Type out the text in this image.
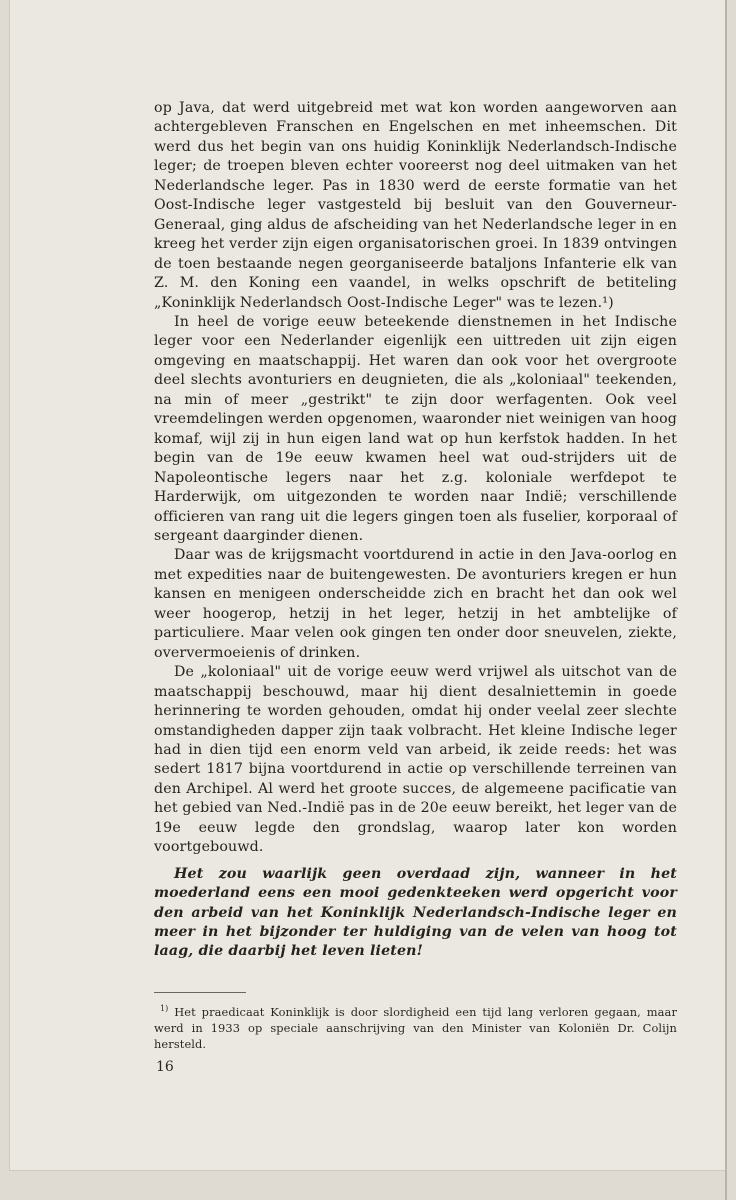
op Java, dat werd uitgebreid met wat kon worden aangeworven aan achtergebleven Franschen en Engelschen en met inheemschen. Dit werd dus het begin van ons huidig Koninklijk Nederlandsch-Indische leger; de troepen bleven echter vooreerst nog deel uitmaken van het Nederlandsche leger. Pas in 1830 werd de eerste formatie van het Oost-Indische leger vastgesteld bij besluit van den Gouverneur-Generaal, ging aldus de afscheiding van het Nederlandsche leger in en kreeg het verder zijn eigen organisatorischen groei. In 1839 ontvingen de toen bestaande negen georganiseerde bataljons Infanterie elk van Z. M. den Koning een vaandel, in welks opschrift de betiteling „Koninklijk Nederlandsch Oost-Indische Leger" was te lezen.¹)

In heel de vorige eeuw beteekende dienstnemen in het Indische leger voor een Nederlander eigenlijk een uittreden uit zijn eigen omgeving en maatschappij. Het waren dan ook voor het overgroote deel slechts avonturiers en deugnieten, die als „koloniaal" teekenden, na min of meer „gestrikt" te zijn door werfagenten. Ook veel vreemdelingen werden opgenomen, waaronder niet weinigen van hoog komaf, wijl zij in hun eigen land wat op hun kerfstok hadden. In het begin van de 19e eeuw kwamen heel wat oud-strijders uit de Napoleontische legers naar het z.g. koloniale werfdepot te Harderwijk, om uitgezonden te worden naar Indië; verschillende officieren van rang uit die legers gingen toen als fuselier, korporaal of sergeant daarginder dienen.

Daar was de krijgsmacht voortdurend in actie in den Java-oorlog en met expedities naar de buitengewesten. De avonturiers kregen er hun kansen en menigeen onderscheidde zich en bracht het dan ook wel weer hoogerop, hetzij in het leger, hetzij in het ambtelijke of particuliere. Maar velen ook gingen ten onder door sneuvelen, ziekte, oververmoeienis of drinken.

De „koloniaal" uit de vorige eeuw werd vrijwel als uitschot van de maatschappij beschouwd, maar hij dient desalniettemin in goede herinnering te worden gehouden, omdat hij onder veelal zeer slechte omstandigheden dapper zijn taak volbracht. Het kleine Indische leger had in dien tijd een enorm veld van arbeid, ik zeide reeds: het was sedert 1817 bijna voortdurend in actie op verschillende terreinen van den Archipel. Al werd het groote succes, de algemeene pacificatie van het gebied van Ned.-Indië pas in de 20e eeuw bereikt, het leger van de 19e eeuw legde den grondslag, waarop later kon worden voortgebouwd.

Het zou waarlijk geen overdaad zijn, wanneer in het moederland eens een mooi gedenkteeken werd opgericht voor den arbeid van het Koninklijk Nederlandsch-Indische leger en meer in het bijzonder ter huldiging van de velen van hoog tot laag, die daarbij het leven lieten!

$^{1)}$ Het praedicaat Koninklijk is door slordigheid een tijd lang verloren gegaan, maar werd in 1933 op speciale aanschrijving van den Minister van Koloniën Dr. Colijn hersteld.
16
